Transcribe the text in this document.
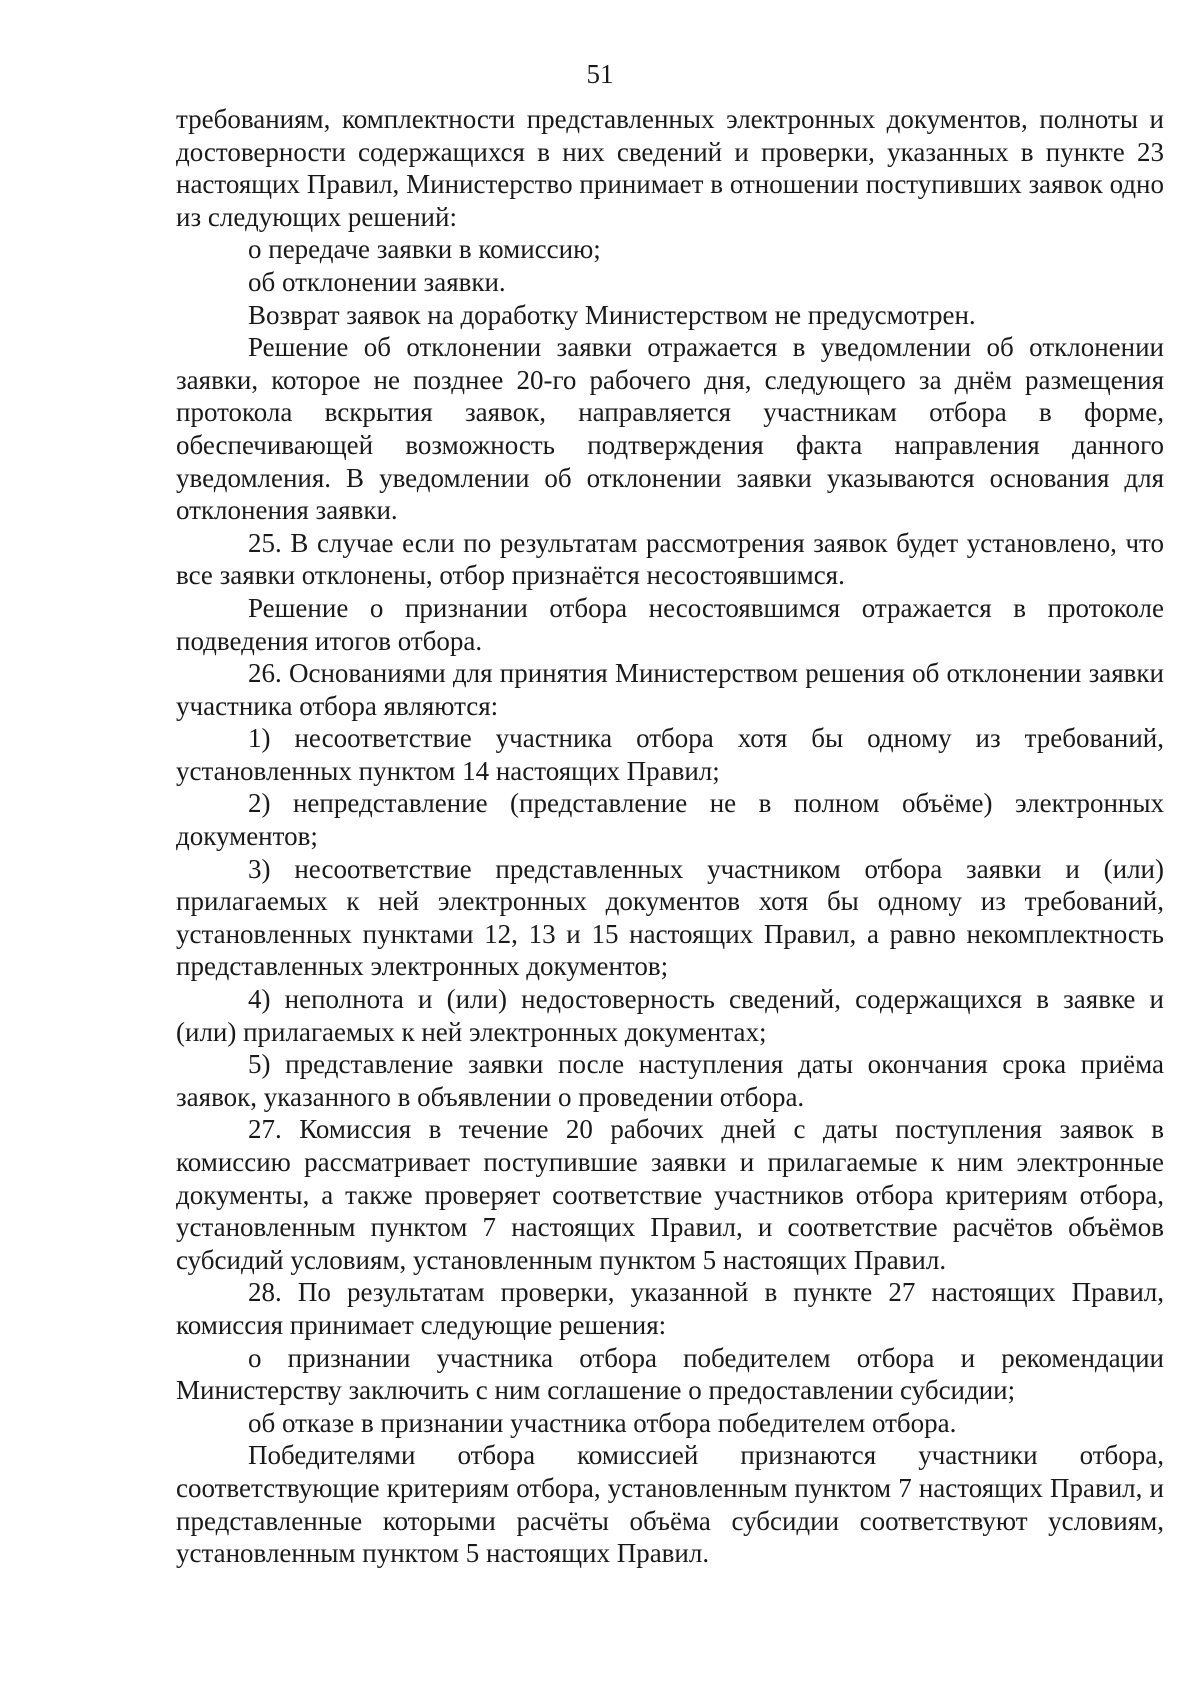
51

требованиям, комплектности представленных электронных документов, полноты и достоверности содержащихся в них сведений и проверки, указанных в пункте 23 настоящих Правил, Министерство принимает в отношении поступивших заявок одно из следующих решений:

о передаче заявки в комиссию;

об отклонении заявки.

Возврат заявок на доработку Министерством не предусмотрен.

Решение об отклонении заявки отражается в уведомлении об отклонении заявки, которое не позднее 20-го рабочего дня, следующего за днём размещения протокола вскрытия заявок, направляется участникам отбора в форме, обеспечивающей возможность подтверждения факта направления данного уведомления. В уведомлении об отклонении заявки указываются основания для отклонения заявки.

25. В случае если по результатам рассмотрения заявок будет установлено, что все заявки отклонены, отбор признаётся несостоявшимся.

Решение о признании отбора несостоявшимся отражается в протоколе подведения итогов отбора.

26. Основаниями для принятия Министерством решения об отклонении заявки участника отбора являются:

1) несоответствие участника отбора хотя бы одному из требований, установленных пунктом 14 настоящих Правил;

2) непредставление (представление не в полном объёме) электронных документов;

3) несоответствие представленных участником отбора заявки и (или) прилагаемых к ней электронных документов хотя бы одному из требований, установленных пунктами 12, 13 и 15 настоящих Правил, а равно некомплектность представленных электронных документов;

4) неполнота и (или) недостоверность сведений, содержащихся в заявке и (или) прилагаемых к ней электронных документах;

5) представление заявки после наступления даты окончания срока приёма заявок, указанного в объявлении о проведении отбора.

27. Комиссия в течение 20 рабочих дней с даты поступления заявок в комиссию рассматривает поступившие заявки и прилагаемые к ним электронные документы, а также проверяет соответствие участников отбора критериям отбора, установленным пунктом 7 настоящих Правил, и соответствие расчётов объёмов субсидий условиям, установленным пунктом 5 настоящих Правил.

28. По результатам проверки, указанной в пункте 27 настоящих Правил, комиссия принимает следующие решения:

о признании участника отбора победителем отбора и рекомендации Министерству заключить с ним соглашение о предоставлении субсидии;

об отказе в признании участника отбора победителем отбора.

Победителями отбора комиссией признаются участники отбора, соответствующие критериям отбора, установленным пунктом 7 настоящих Правил, и представленные которыми расчёты объёма субсидии соответствуют условиям, установленным пунктом 5 настоящих Правил.
